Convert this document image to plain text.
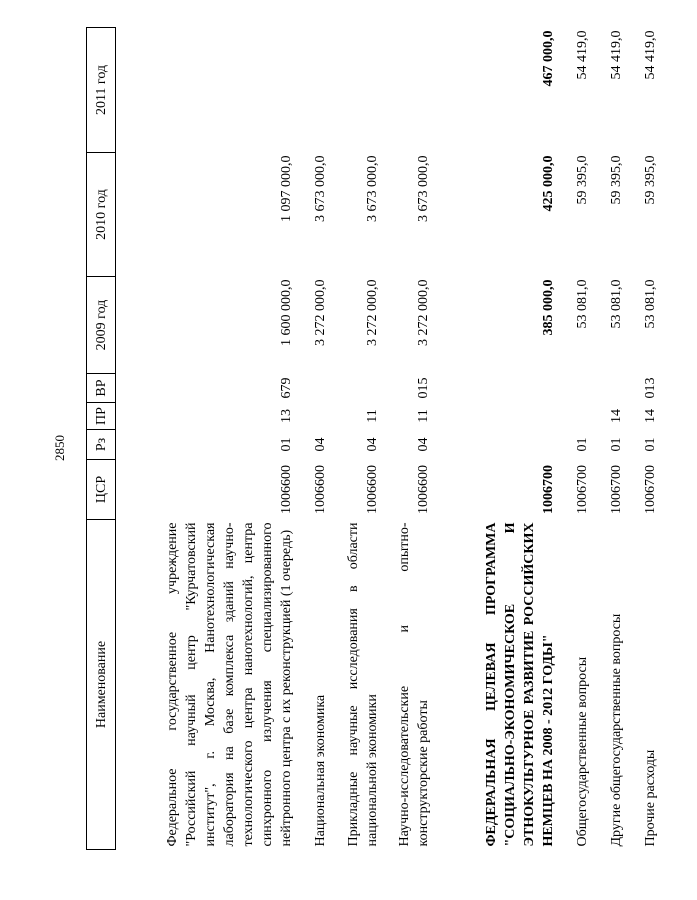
2850
Наименование	ЦСР	Рз	ПР	ВР	2009 год	2010 год	2011 год
Федеральное государственное учреждение "Российский научный центр "Курчатовский институт", г. Москва, Нанотехнологическая лаборатория на базе комплекса зданий научно-технологического центра нанотехнологий, центра синхронного излучения специализированного нейтронного центра с их реконструкцией (1 очередь)	1006600	01	13	679	1 600 000,0	1 097 000,0	
Национальная экономика	1006600	04			3 272 000,0	3 673 000,0	
Прикладные научные исследования в области национальной экономики	1006600	04	11		3 272 000,0	3 673 000,0	
Научно-исследовательские и опытно-конструкторские работы	1006600	04	11	015	3 272 000,0	3 673 000,0	
ФЕДЕРАЛЬНАЯ ЦЕЛЕВАЯ ПРОГРАММА "СОЦИАЛЬНО-ЭКОНОМИЧЕСКОЕ И ЭТНОКУЛЬТУРНОЕ РАЗВИТИЕ РОССИЙСКИХ НЕМЦЕВ НА 2008 - 2012 ГОДЫ"	1006700				385 000,0	425 000,0	467 000,0
Общегосударственные вопросы	1006700	01			53 081,0	59 395,0	54 419,0
Другие общегосударственные вопросы	1006700	01	14		53 081,0	59 395,0	54 419,0
Прочие расходы	1006700	01	14	013	53 081,0	59 395,0	54 419,0
